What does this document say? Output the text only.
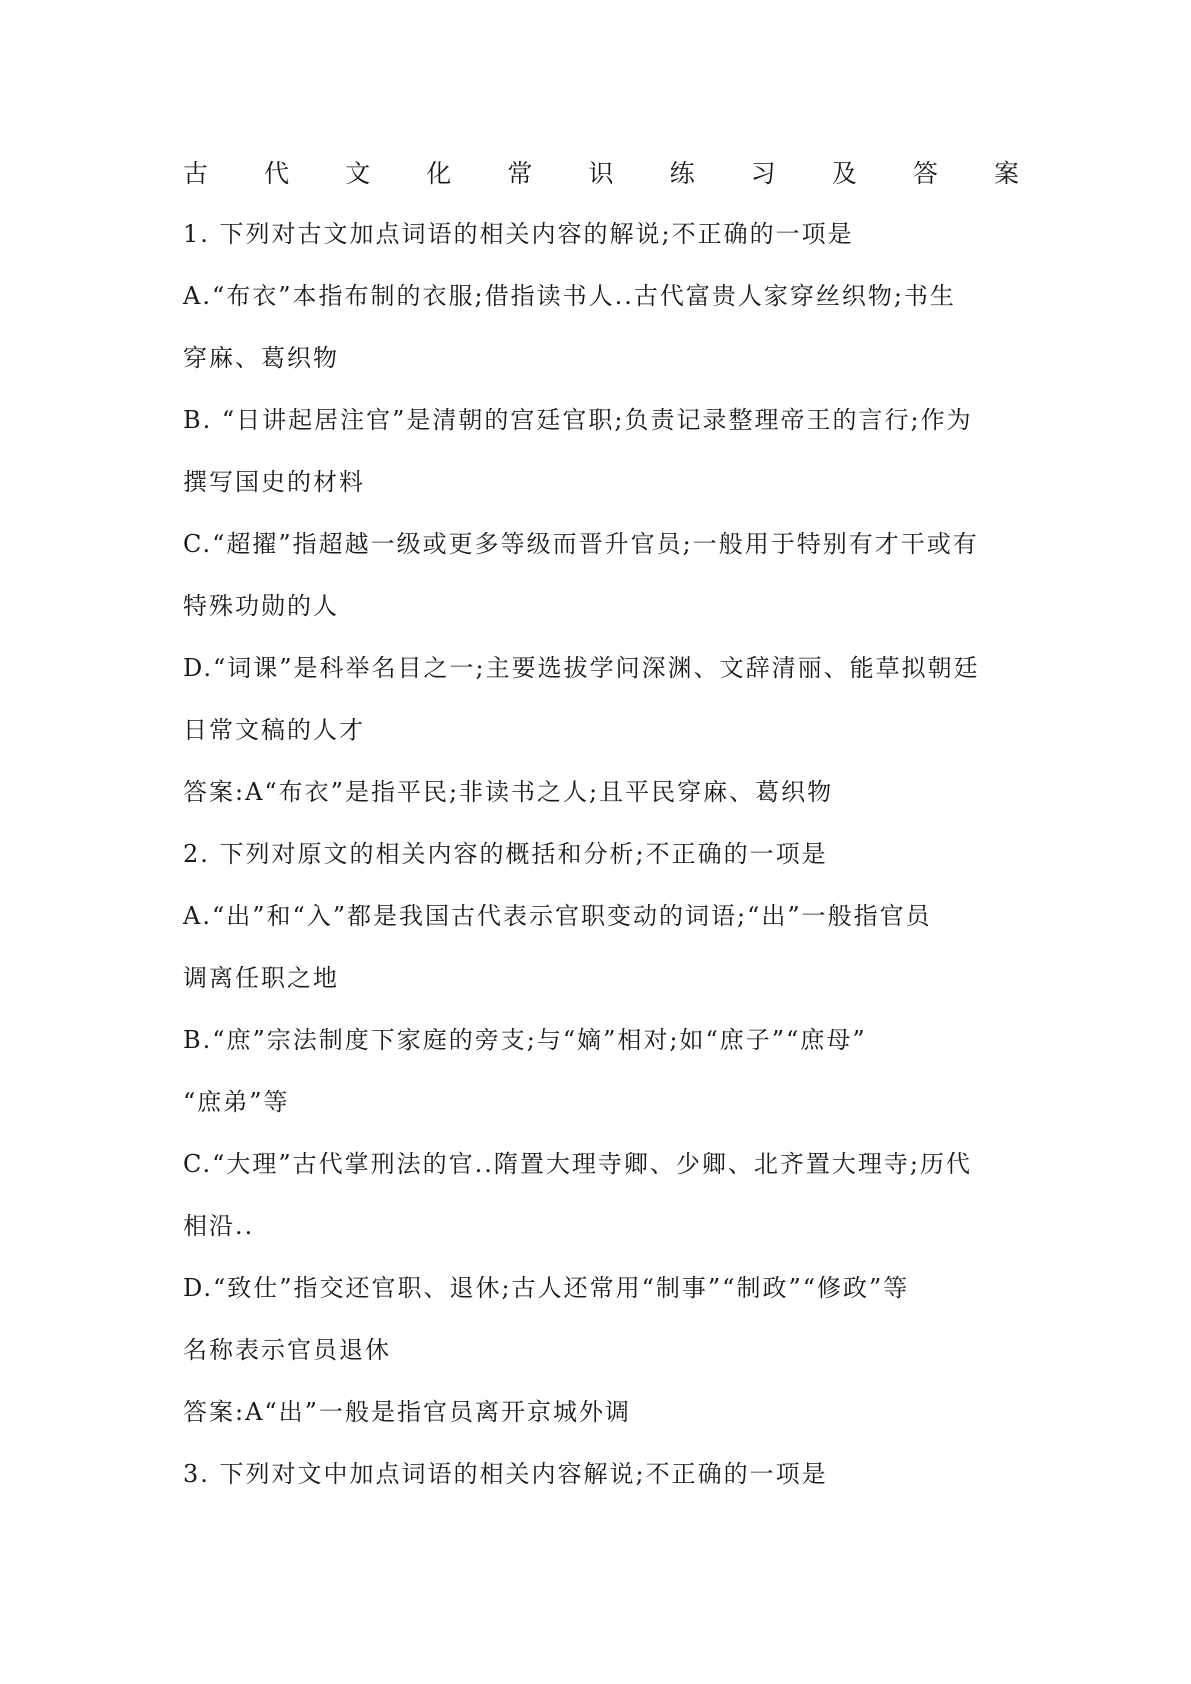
古 代 文 化 常 识 练 习 及 答 案
1. 下列对古文加点词语的相关内容的解说;不正确的一项是
A.“布衣”本指布制的衣服;借指读书人..古代富贵人家穿丝织物;书生
穿麻、葛织物
B. “日讲起居注官”是清朝的宫廷官职;负责记录整理帝王的言行;作为
撰写国史的材料
C.“超擢”指超越一级或更多等级而晋升官员;一般用于特别有才干或有
特殊功勋的人
D.“词课”是科举名目之一;主要选拔学问深渊、文辞清丽、能草拟朝廷
日常文稿的人才
答案:A“布衣”是指平民;非读书之人;且平民穿麻、葛织物
2. 下列对原文的相关内容的概括和分析;不正确的一项是
A.“出”和“入”都是我国古代表示官职变动的词语;“出”一般指官员
调离任职之地
B.“庶”宗法制度下家庭的旁支;与“嫡”相对;如“庶子”“庶母”
“庶弟”等
C.“大理”古代掌刑法的官..隋置大理寺卿、少卿、北齐置大理寺;历代
相沿..
D.“致仕”指交还官职、退休;古人还常用“制事”“制政”“修政”等
名称表示官员退休
答案:A“出”一般是指官员离开京城外调
3. 下列对文中加点词语的相关内容解说;不正确的一项是
